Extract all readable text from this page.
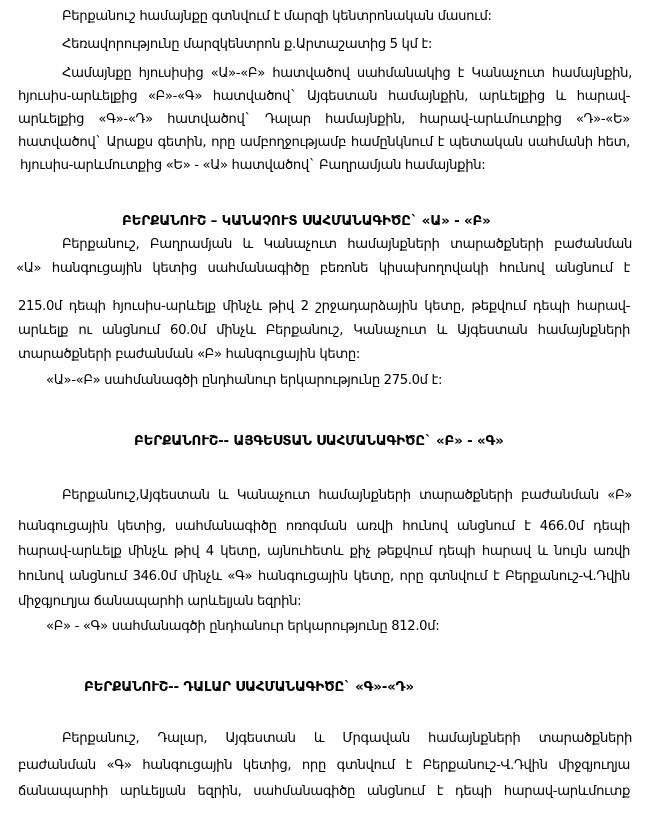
Բերքանուշ համայնքը գտնվում է մարզի կենտրոնական մասում:
Հեռավորությունը մարզկենտրոն ք.Արտաշատից 5 կմ է:
Համայնքը հյուսիսից «Ա»-«Բ» հատվածով սահմանակից է Կանաչուտ համայնքին,
հյուսիս-արևելքից «Բ»-«Գ» հատվածով` Այգեստան համայնքին, արևելքից և հարավ-
արևելքից «Գ»-«Դ» հատվածով` Դալար համայնքին, հարավ-արևմուտքից «Դ»-«Ե»
հատվածով` Արաքս գետին, որը ամբողջությամբ համընկնում է պետական սահմանի հետ,
հյուսիս-արևմուտքից «Ե» - «Ա» հատվածով` Բաղրամյան համայնքին:
ԲԵՐՔԱՆՈՒՇ – ԿԱՆԱՉՈՒՏ ՍԱՀՄԱՆԱԳԻԾԸ` «Ա» - «Բ»
Բերքանուշ, Բաղրամյան և Կանաչուտ համայնքների տարածքների բաժանման
«Ա» հանգուցային կետից սահմանագիծը բեռոնե կիսախողովակի հունով անցնում է
215.0մ դեպի հյուսիս-արևելք մինչև թիվ 2 շրջադարձային կետը, թեքվում դեպի հարավ-
արևելք ու անցնում 60.0մ մինչև Բերքանուշ, Կանաչուտ և Այգեստան համայնքների
տարածքների բաժանման «Բ» հանգուցային կետը:
«Ա»-«Բ» սահմանագծի ընդհանուր երկարությունը 275.0մ է:
ԲԵՐՔԱՆՈՒՇ-- ԱՅԳԵՍՏԱՆ ՍԱՀՄԱՆԱԳԻԾԸ` «Բ» - «Գ»
Բերքանուշ,Այգեստան և Կանաչուտ համայնքների տարածքների բաժանման «Բ»
հանգուցային կետից, սահմանագիծը ոռոգման առվի հունով անցնում է 466.0մ դեպի
հարավ-արևելք մինչև թիվ 4 կետը, այնուհետև քիչ թեքվում դեպի հարավ և նույն առվի
հունով անցնում 346.0մ մինչև «Գ» հանգուցային կետը, որը գտնվում է Բերքանուշ-Վ.Դվին
միջգյուղյա ճանապարհի արևելյան եզրին:
«Բ» - «Գ» սահմանագծի ընդհանուր երկարությունը 812.0մ:
ԲԵՐՔԱՆՈՒՇ-- ԴԱԼԱՐ ՍԱՀՄԱՆԱԳԻԾԸ` «Գ»-«Դ»
Բերքանուշ, Դալար, Այգեստան և Մրգավան համայնքների տարածքների
բաժանման «Գ» հանգուցային կետից, որը գտնվում է Բերքանուշ-Վ.Դվին միջգյուղյա
ճանապարհի արևելյան եզրին, սահմանագիծը անցնում է դեպի հարավ-արևմուտք
